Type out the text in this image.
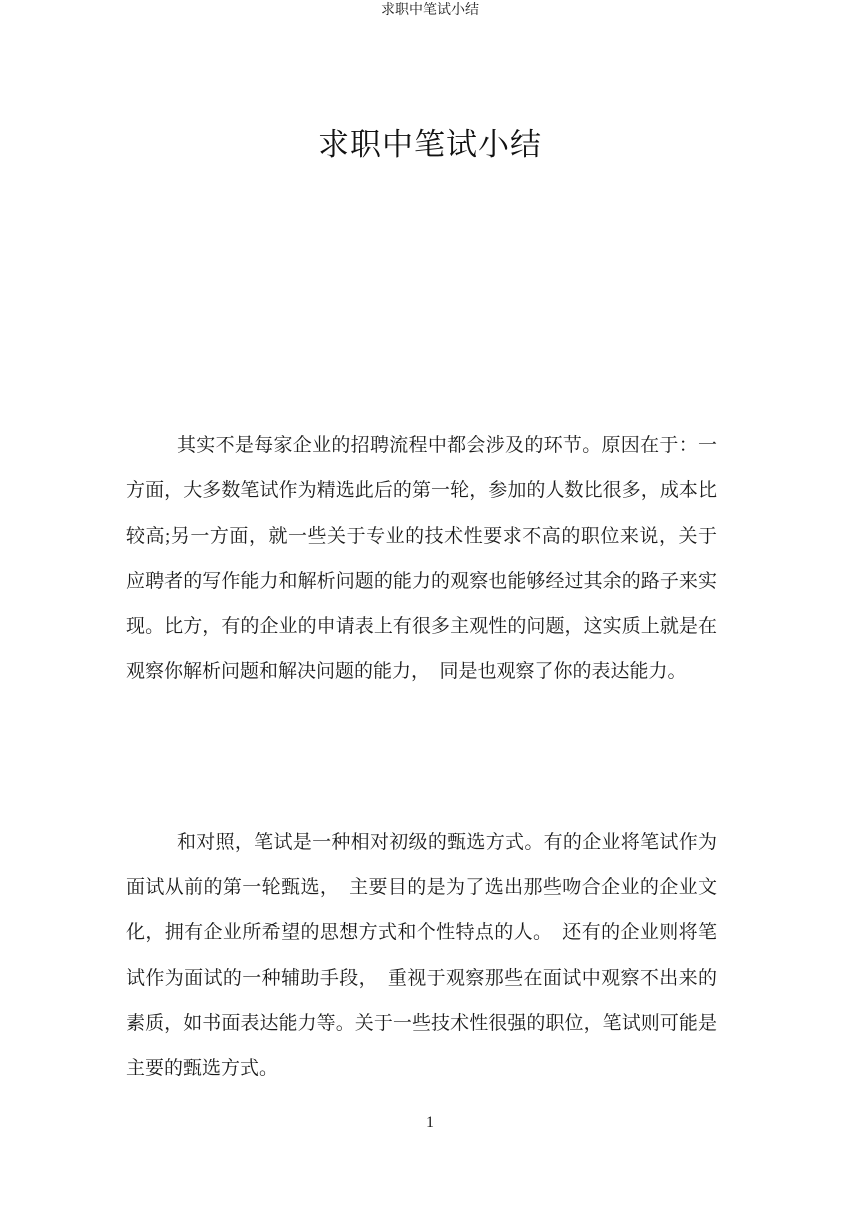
求职中笔试小结
求职中笔试小结
其实不是每家企业的招聘流程中都会涉及的环节。原因在于：一
方面，大多数笔试作为精选此后的第一轮，参加的人数比很多，成本比
较高;另一方面，就一些关于专业的技术性要求不高的职位来说，关于
应聘者的写作能力和解析问题的能力的观察也能够经过其余的路子来实
现。比方，有的企业的申请表上有很多主观性的问题，这实质上就是在
观察你解析问题和解决问题的能力，　同是也观察了你的表达能力。
和对照，笔试是一种相对初级的甄选方式。有的企业将笔试作为
面试从前的第一轮甄选，　主要目的是为了选出那些吻合企业的企业文
化，拥有企业所希望的思想方式和个性特点的人。　还有的企业则将笔
试作为面试的一种辅助手段，　重视于观察那些在面试中观察不出来的
素质，如书面表达能力等。关于一些技术性很强的职位，笔试则可能是
主要的甄选方式。
1
